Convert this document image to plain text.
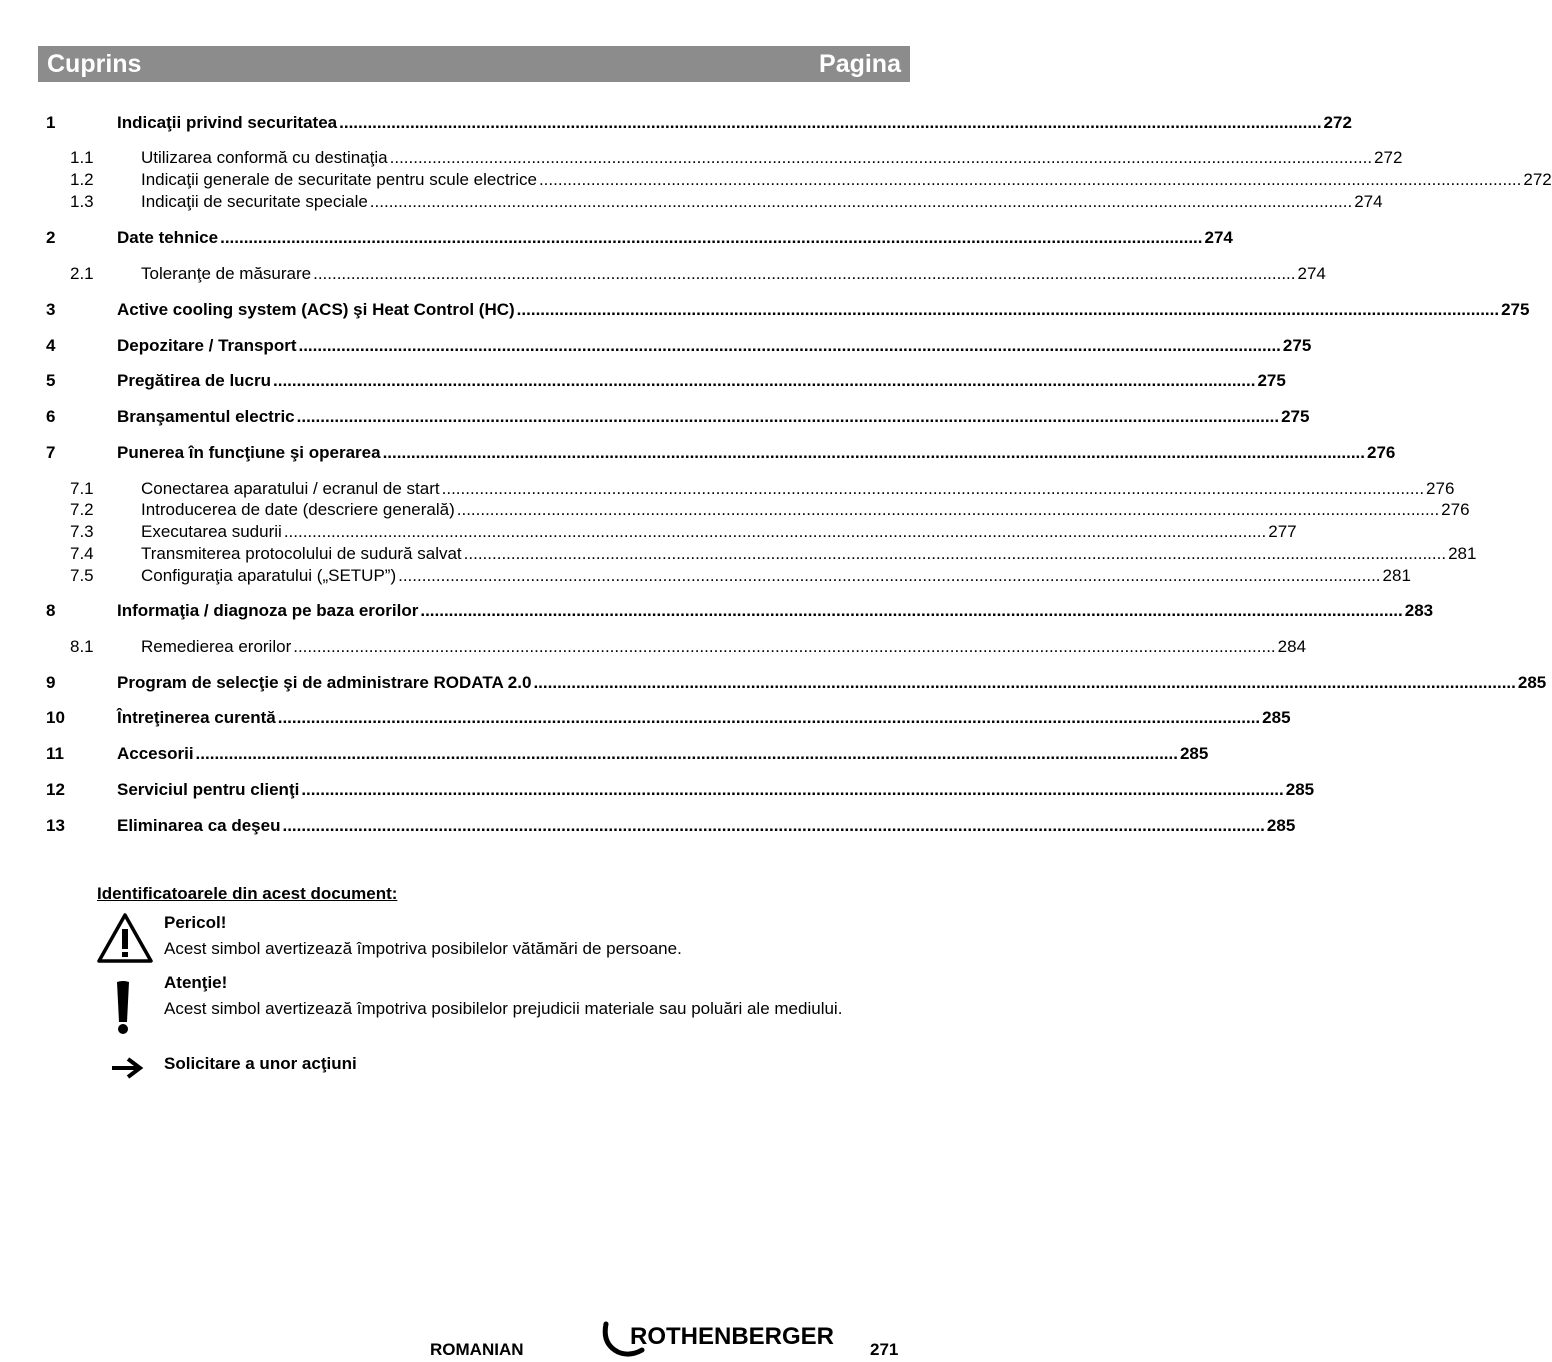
Cuprins	Pagina
1	Indicaţii privind securitatea .....	272
1.1	Utilizarea conformă cu destinaţia .....	272
1.2	Indicaţii generale de securitate pentru scule electrice .....	272
1.3	Indicaţii de securitate speciale .....	274
2	Date tehnice .....	274
2.1	Toleranţe de măsurare .....	274
3	Active cooling system (ACS) şi Heat Control (HC) .....	275
4	Depozitare / Transport .....	275
5	Pregătirea de lucru .....	275
6	Branşamentul electric .....	275
7	Punerea în funcţiune şi operarea .....	276
7.1	Conectarea aparatului / ecranul de start .....	276
7.2	Introducerea de date (descriere generală) .....	276
7.3	Executarea sudurii .....	277
7.4	Transmiterea protocolului de sudură salvat .....	281
7.5	Configuraţia aparatului („SETUP”) .....	281
8	Informaţia / diagnoza pe baza erorilor .....	283
8.1	Remedierea erorilor .....	284
9	Program de selecţie şi de administrare RODATA 2.0 .....	285
10	Întreţinerea curentă .....	285
11	Accesorii .....	285
12	Serviciul pentru clienţi .....	285
13	Eliminarea ca deşeu .....	285
Identificatoarele din acest document:
Pericol!
Acest simbol avertizează împotriva posibilelor vătămări de persoane.
Atenţie!
Acest simbol avertizează împotriva posibilelor prejudicii materiale sau poluări ale mediului.
Solicitare a unor acţiuni
ROMANIAN	ROTHENBERGER 271
